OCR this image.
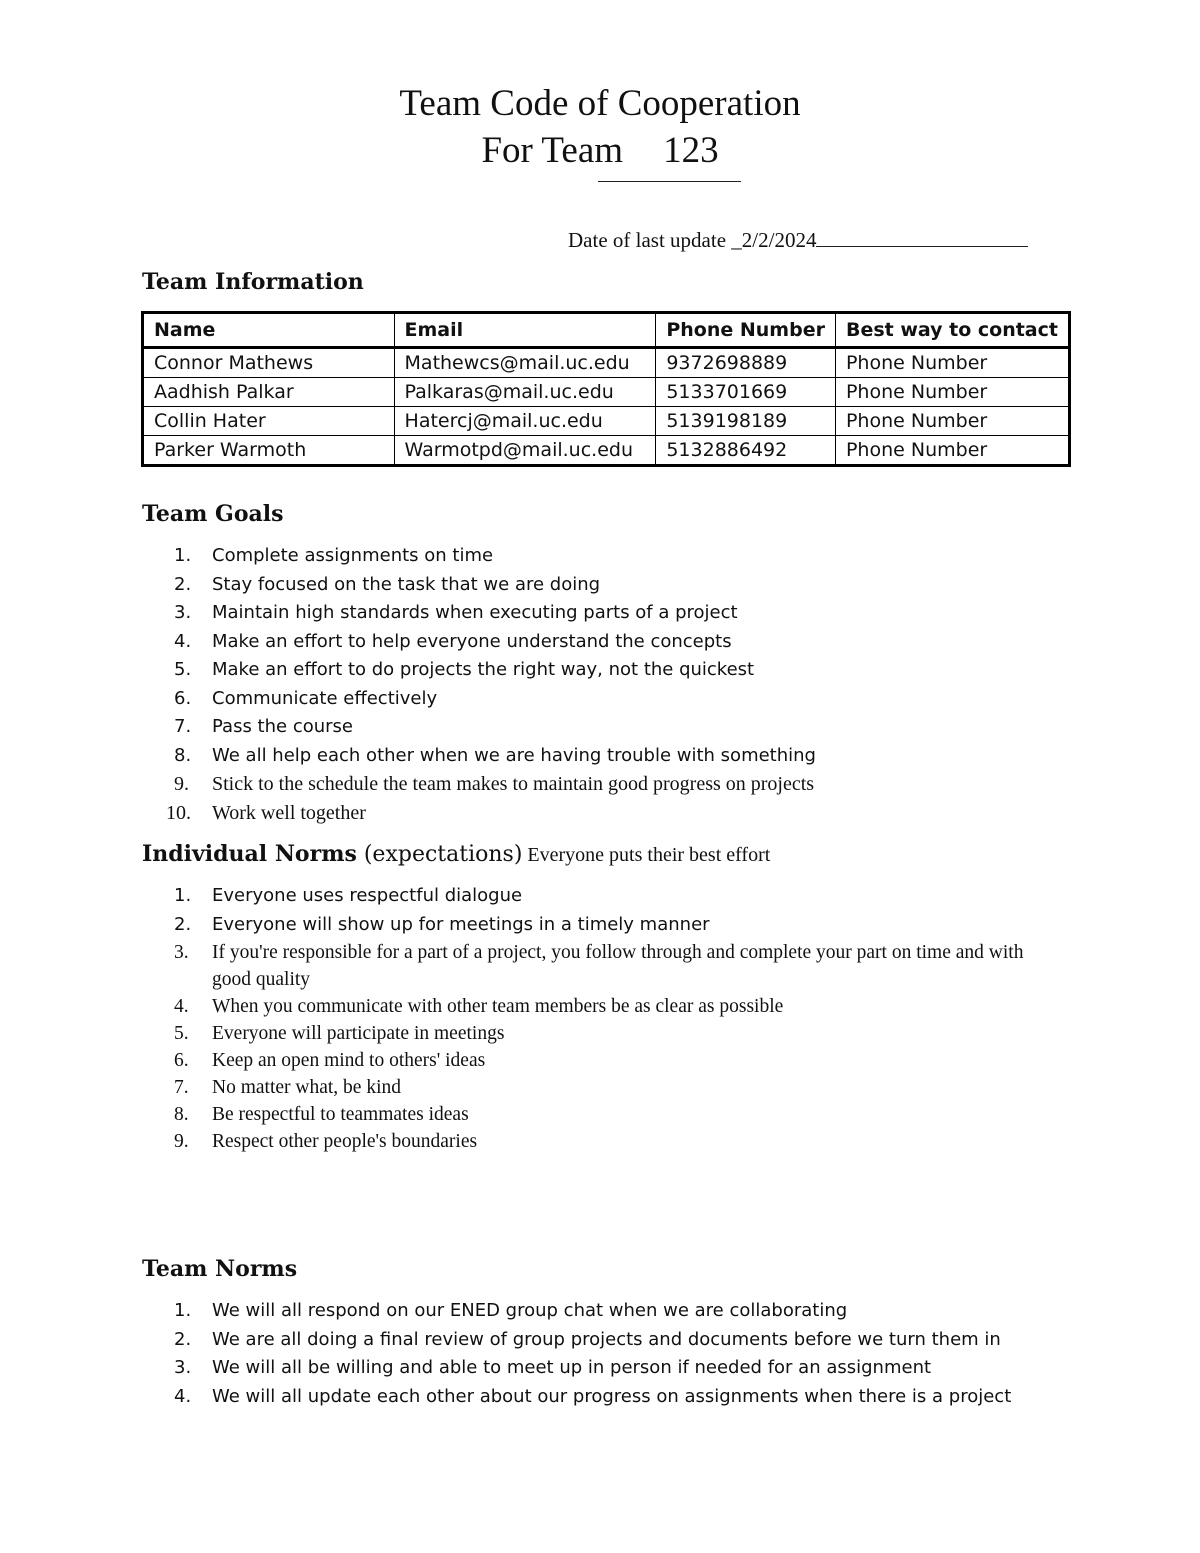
Team Code of Cooperation
For Team 123
Date of last update _2/2/2024
Team Information
Name	Email	Phone Number	Best way to contact
Connor Mathews	Mathewcs@mail.uc.edu	9372698889	Phone Number
Aadhish Palkar	Palkaras@mail.uc.edu	5133701669	Phone Number
Collin Hater	Hatercj@mail.uc.edu	5139198189	Phone Number
Parker Warmoth	Warmotpd@mail.uc.edu	5132886492	Phone Number
Team Goals
1.	Complete assignments on time
2.	Stay focused on the task that we are doing
3.	Maintain high standards when executing parts of a project
4.	Make an effort to help everyone understand the concepts
5.	Make an effort to do projects the right way, not the quickest
6.	Communicate effectively
7.	Pass the course
8.	We all help each other when we are having trouble with something
9.	Stick to the schedule the team makes to maintain good progress on projects
10. Work well together
Individual Norms (expectations) Everyone puts their best effort
1.	Everyone uses respectful dialogue
2.	Everyone will show up for meetings in a timely manner
3.	If you're responsible for a part of a project, you follow through and complete your part on time and with good quality
4.	When you communicate with other team members be as clear as possible
5.	Everyone will participate in meetings
6.	Keep an open mind to others' ideas
7.	No matter what, be kind
8.	Be respectful to teammates ideas
9.	Respect other people's boundaries
Team Norms
1.	We will all respond on our ENED group chat when we are collaborating
2.	We are all doing a final review of group projects and documents before we turn them in
3.	We will all be willing and able to meet up in person if needed for an assignment
4.	We will all update each other about our progress on assignments when there is a project
